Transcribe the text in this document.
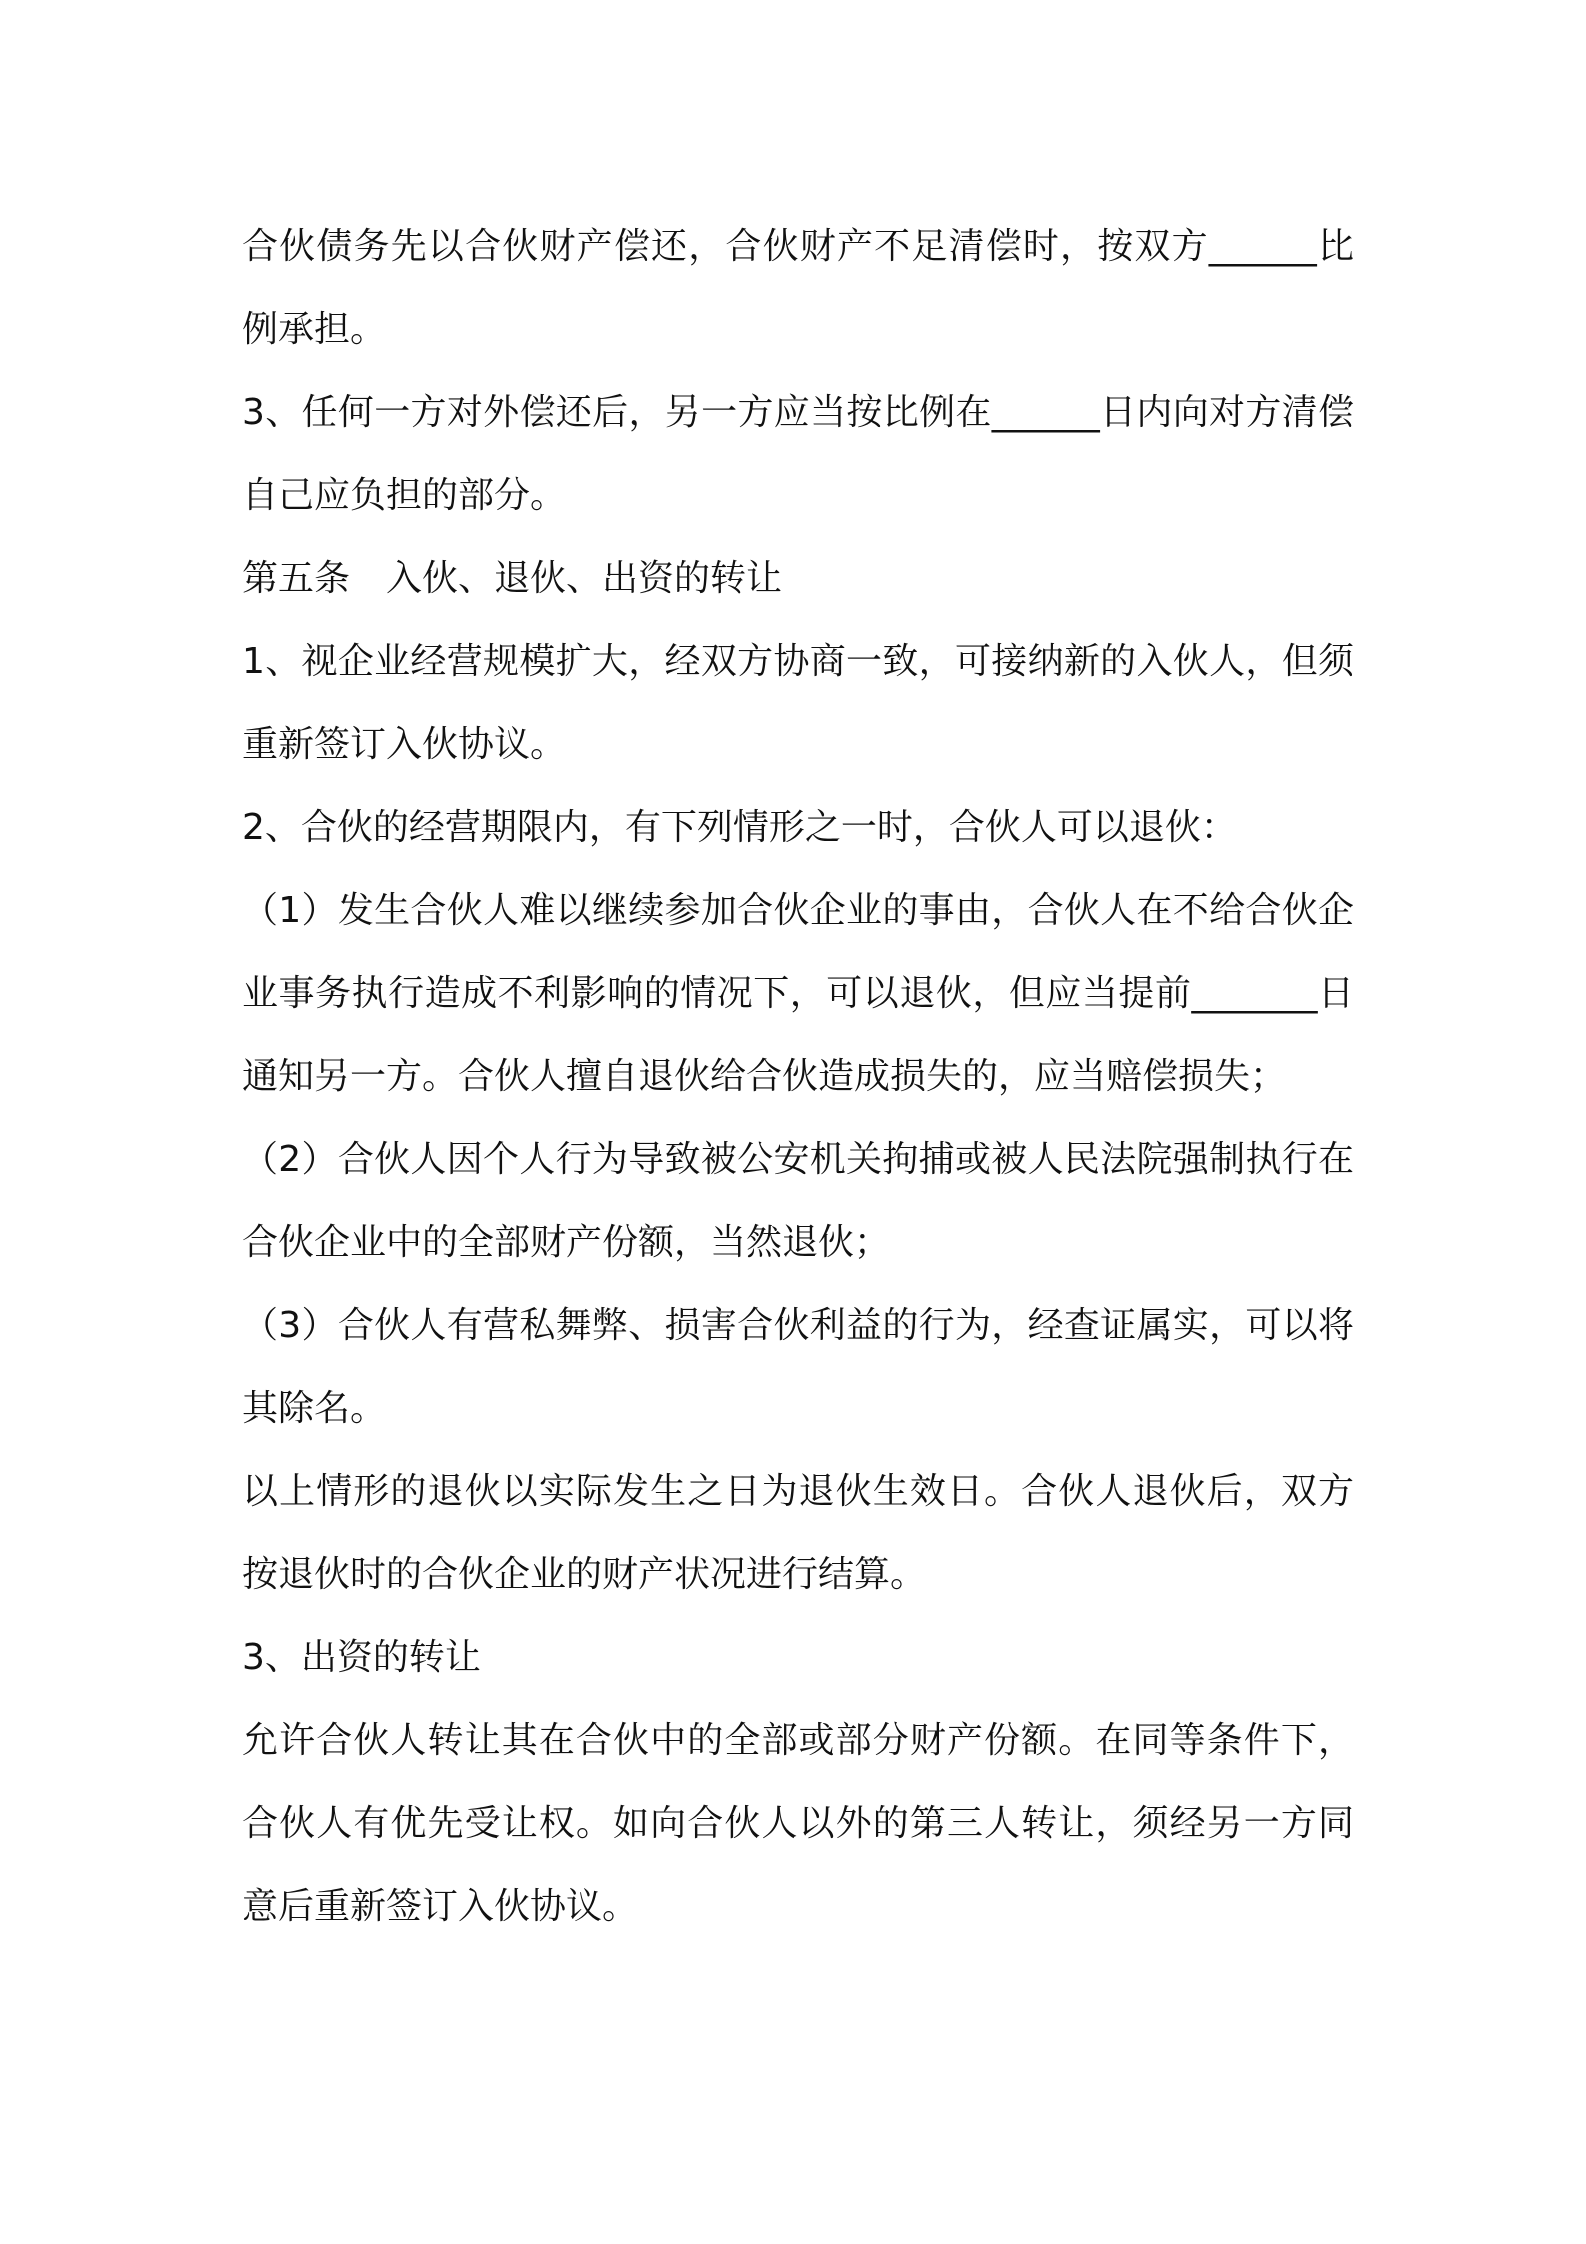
合伙债务先以合伙财产偿还，合伙财产不足清偿时，按双方______比例承担。

3、任何一方对外偿还后，另一方应当按比例在______日内向对方清偿自己应负担的部分。

第五条　入伙、退伙、出资的转让

1、视企业经营规模扩大，经双方协商一致，可接纳新的入伙人，但须重新签订入伙协议。

2、合伙的经营期限内，有下列情形之一时，合伙人可以退伙：

（1）发生合伙人难以继续参加合伙企业的事由，合伙人在不给合伙企业事务执行造成不利影响的情况下，可以退伙，但应当提前_______日通知另一方。合伙人擅自退伙给合伙造成损失的，应当赔偿损失；

（2）合伙人因个人行为导致被公安机关拘捕或被人民法院强制执行在合伙企业中的全部财产份额，当然退伙；

（3）合伙人有营私舞弊、损害合伙利益的行为，经查证属实，可以将其除名。

以上情形的退伙以实际发生之日为退伙生效日。合伙人退伙后，双方按退伙时的合伙企业的财产状况进行结算。

3、出资的转让

允许合伙人转让其在合伙中的全部或部分财产份额。在同等条件下，合伙人有优先受让权。如向合伙人以外的第三人转让，须经另一方同意后重新签订入伙协议。
